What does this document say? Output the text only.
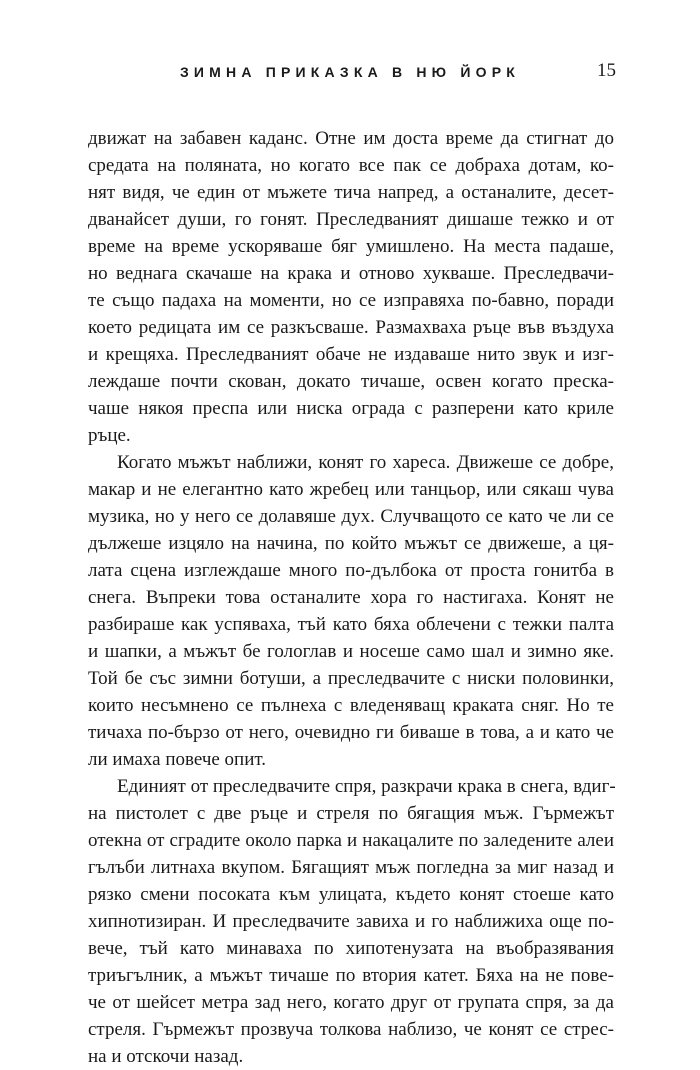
ЗИМНА ПРИКАЗКА В НЮ ЙОРК	15
движат на забавен каданс. Отне им доста време да стигнат до
средата на поляната, но когато все пак се добраха дотам, ко-
нят видя, че един от мъжете тича напред, а останалите, десет-
дванайсет души, го гонят. Преследваният дишаше тежко и от
време на време ускоряваше бяг умишлено. На места падаше,
но веднага скачаше на крака и отново хукваше. Преследвачи-
те също падаха на моменти, но се изправяха по-бавно, поради
което редицата им се разкъсваше. Размахваха ръце във въздуха
и крещяха. Преследваният обаче не издаваше нито звук и изг-
леждаше почти скован, докато тичаше, освен когато преска-
чаше някоя преспа или ниска ограда с разперени като криле
ръце.
Когато мъжът наближи, конят го хареса. Движеше се добре,
макар и не елегантно като жребец или танцьор, или сякаш чува
музика, но у него се долавяше дух. Случващото се като че ли се
дължеше изцяло на начина, по който мъжът се движеше, а ця-
лата сцена изглеждаше много по-дълбока от проста гонитба в
снега. Въпреки това останалите хора го настигаха. Конят не
разбираше как успяваха, тъй като бяха облечени с тежки палта
и шапки, а мъжът бе гологлав и носеше само шал и зимно яке.
Той бе със зимни ботуши, а преследвачите с ниски половинки,
които несъмнено се пълнеха с вледеняващ краката сняг. Но те
тичаха по-бързо от него, очевидно ги биваше в това, а и като че
ли имаха повече опит.
Единият от преследвачите спря, разкрачи крака в снега, вдиг-
на пистолет с две ръце и стреля по бягащия мъж. Гърмежът
отекна от сградите около парка и накацалите по заледените алеи
гълъби литнаха вкупом. Бягащият мъж погледна за миг назад и
рязко смени посоката към улицата, където конят стоеше като
хипнотизиран. И преследвачите завиха и го наближиха още по-
вече, тъй като минаваха по хипотенузата на въобразявания
триъгълник, а мъжът тичаше по втория катет. Бяха на не пове-
че от шейсет метра зад него, когато друг от групата спря, за да
стреля. Гърмежът прозвуча толкова наблизо, че конят се стрес-
на и отскочи назад.
